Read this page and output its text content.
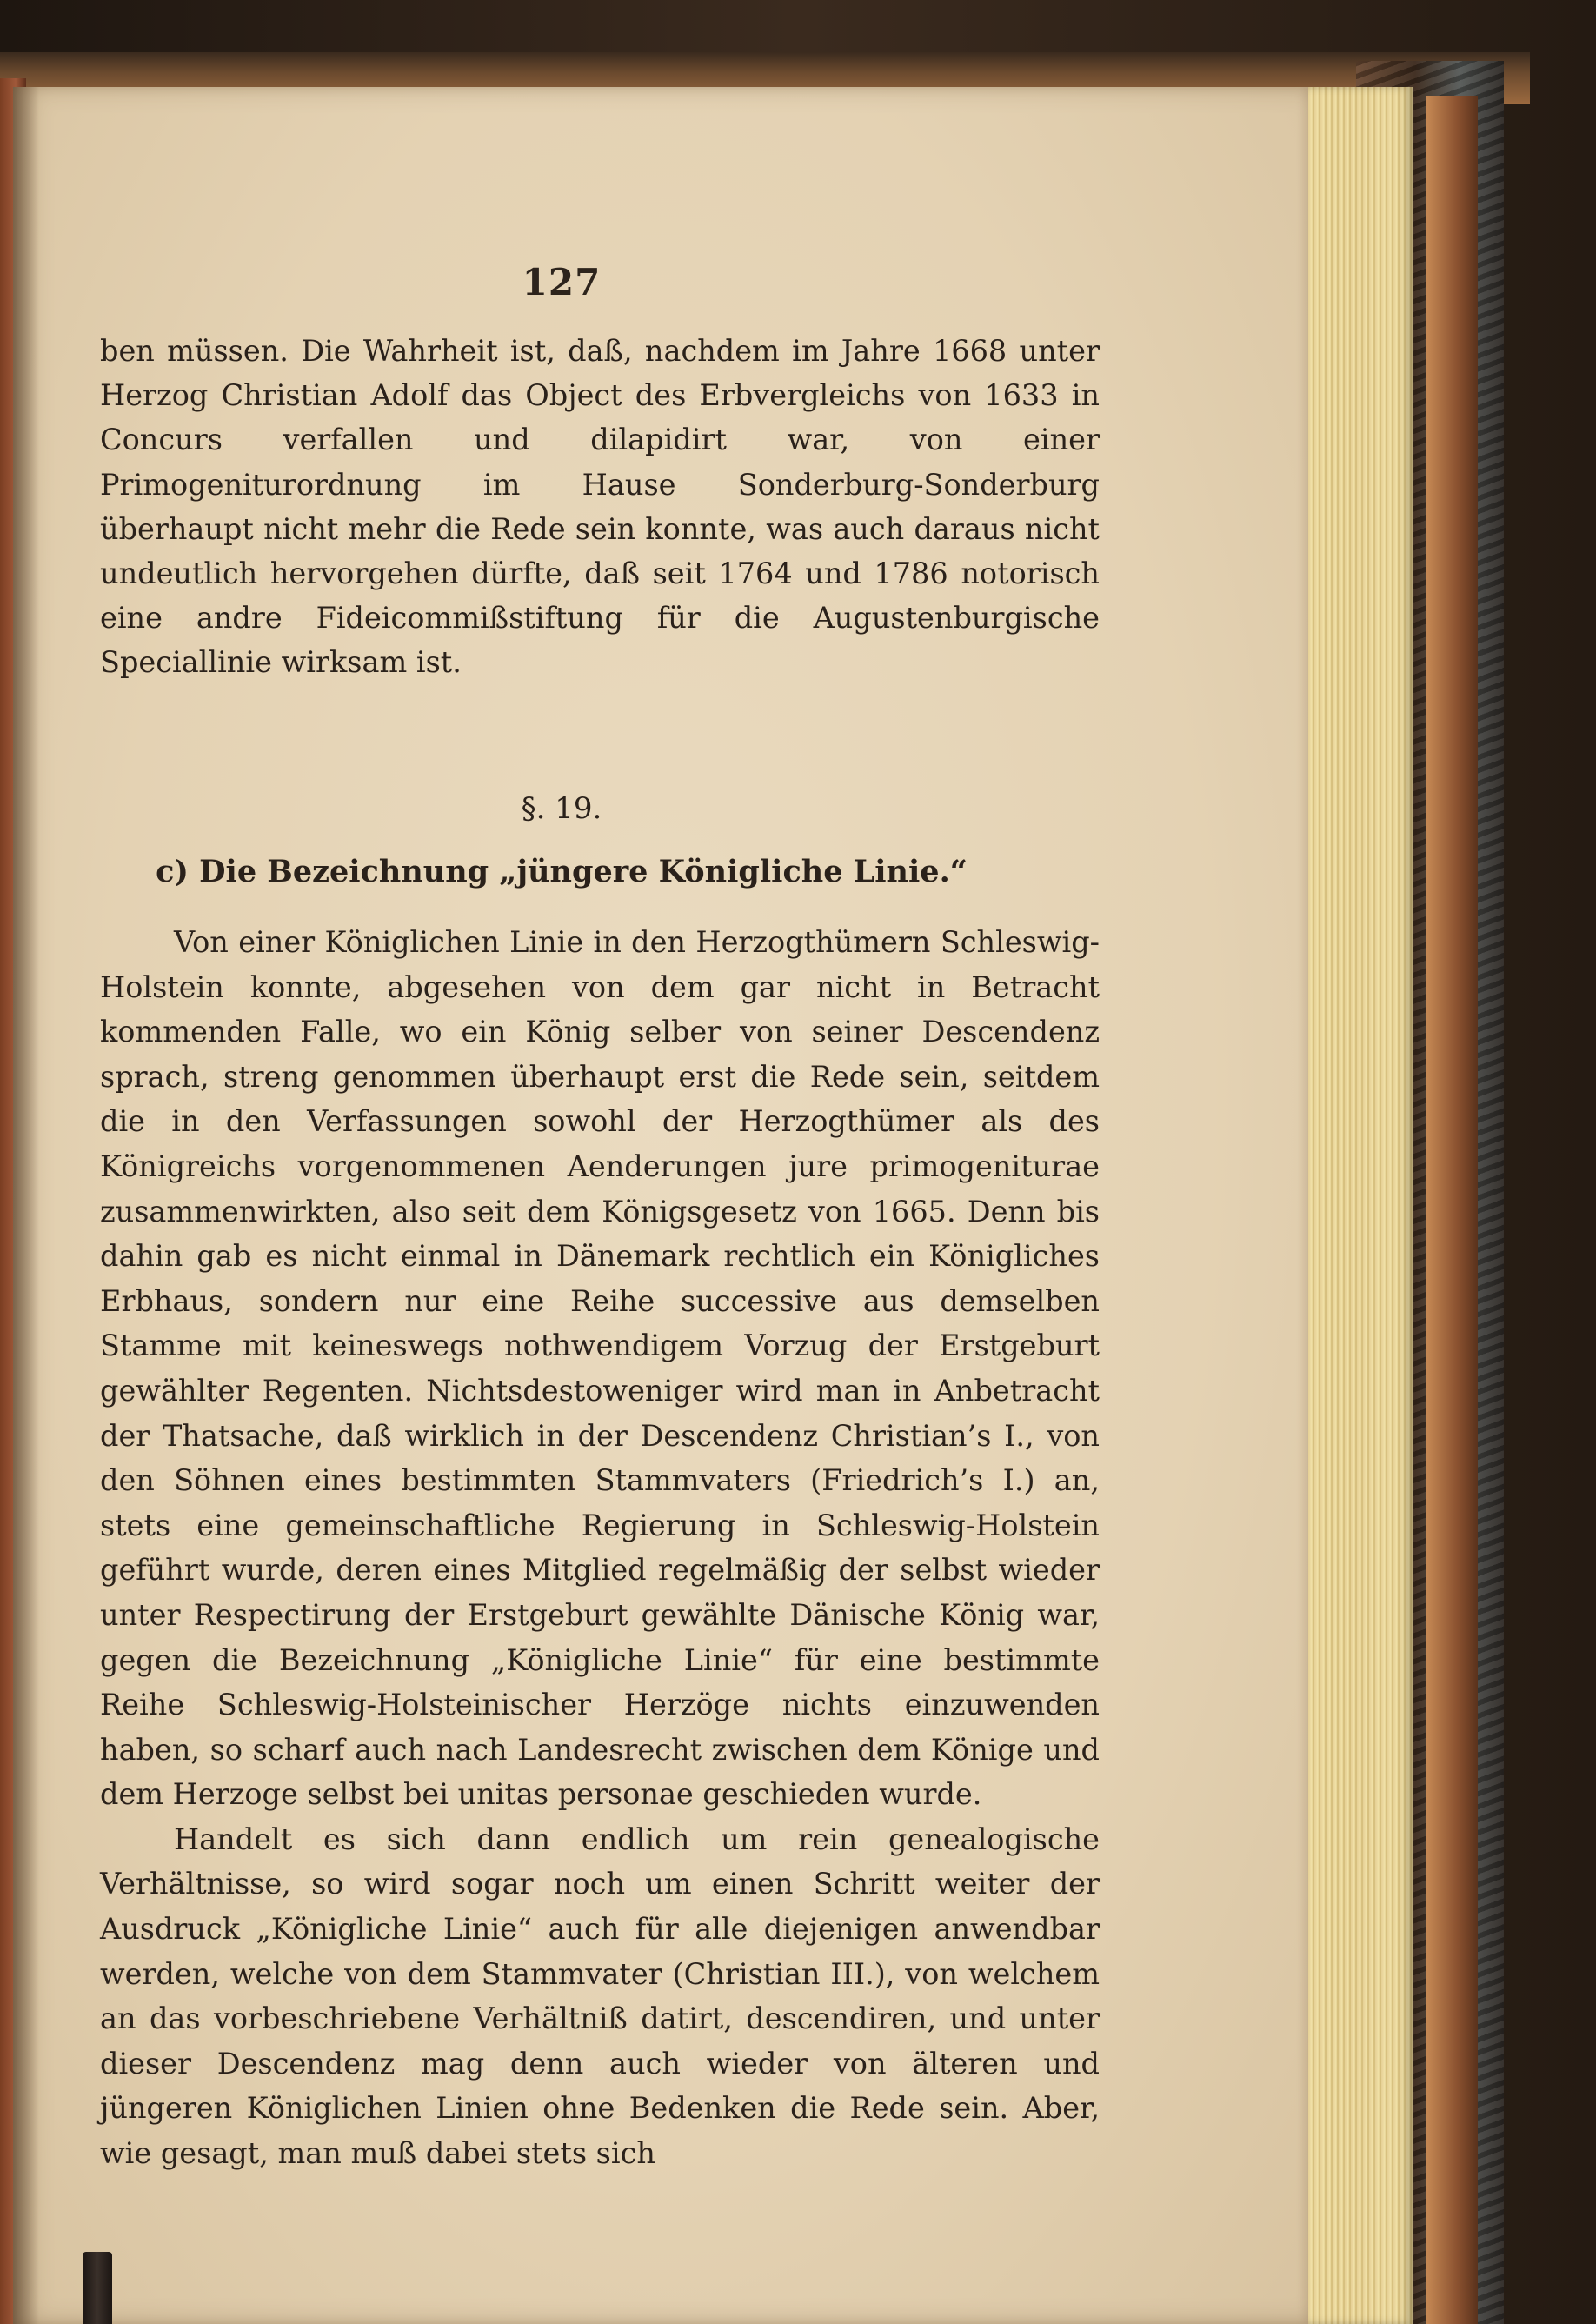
127

ben müssen. Die Wahrheit ist, daß, nachdem im Jahre 1668 unter Herzog Christian Adolf das Object des Erbvergleichs von 1633 in Concurs verfallen und dilapidirt war, von einer Primogeniturordnung im Hause Sonderburg-Sonderburg überhaupt nicht mehr die Rede sein konnte, was auch daraus nicht undeutlich hervorgehen dürfte, daß seit 1764 und 1786 notorisch eine andre Fideicommißstiftung für die Augustenburgische Speciallinie wirksam ist.

§. 19.
c) Die Bezeichnung „jüngere Königliche Linie.“

Von einer Königlichen Linie in den Herzogthümern Schleswig-Holstein konnte, abgesehen von dem gar nicht in Betracht kommenden Falle, wo ein König selber von seiner Descendenz sprach, streng genommen überhaupt erst die Rede sein, seitdem die in den Verfassungen sowohl der Herzogthümer als des Königreichs vorgenommenen Aenderungen jure primogeniturae zusammenwirkten, also seit dem Königsgesetz von 1665. Denn bis dahin gab es nicht einmal in Dänemark rechtlich ein Königliches Erbhaus, sondern nur eine Reihe successive aus demselben Stamme mit keineswegs nothwendigem Vorzug der Erstgeburt gewählter Regenten. Nichtsdestoweniger wird man in Anbetracht der Thatsache, daß wirklich in der Descendenz Christian’s I., von den Söhnen eines bestimmten Stammvaters (Friedrich’s I.) an, stets eine gemeinschaftliche Regierung in Schleswig-Holstein geführt wurde, deren eines Mitglied regelmäßig der selbst wieder unter Respectirung der Erstgeburt gewählte Dänische König war, gegen die Bezeichnung „Königliche Linie“ für eine bestimmte Reihe Schleswig-Holsteinischer Herzöge nichts einzuwenden haben, so scharf auch nach Landesrecht zwischen dem Könige und dem Herzoge selbst bei unitas personae geschieden wurde.

Handelt es sich dann endlich um rein genealogische Verhältnisse, so wird sogar noch um einen Schritt weiter der Ausdruck „Königliche Linie“ auch für alle diejenigen anwendbar werden, welche von dem Stammvater (Christian III.), von welchem an das vorbeschriebene Verhältniß datirt, descendiren, und unter dieser Descendenz mag denn auch wieder von älteren und jüngeren Königlichen Linien ohne Bedenken die Rede sein. Aber, wie gesagt, man muß dabei stets sich
